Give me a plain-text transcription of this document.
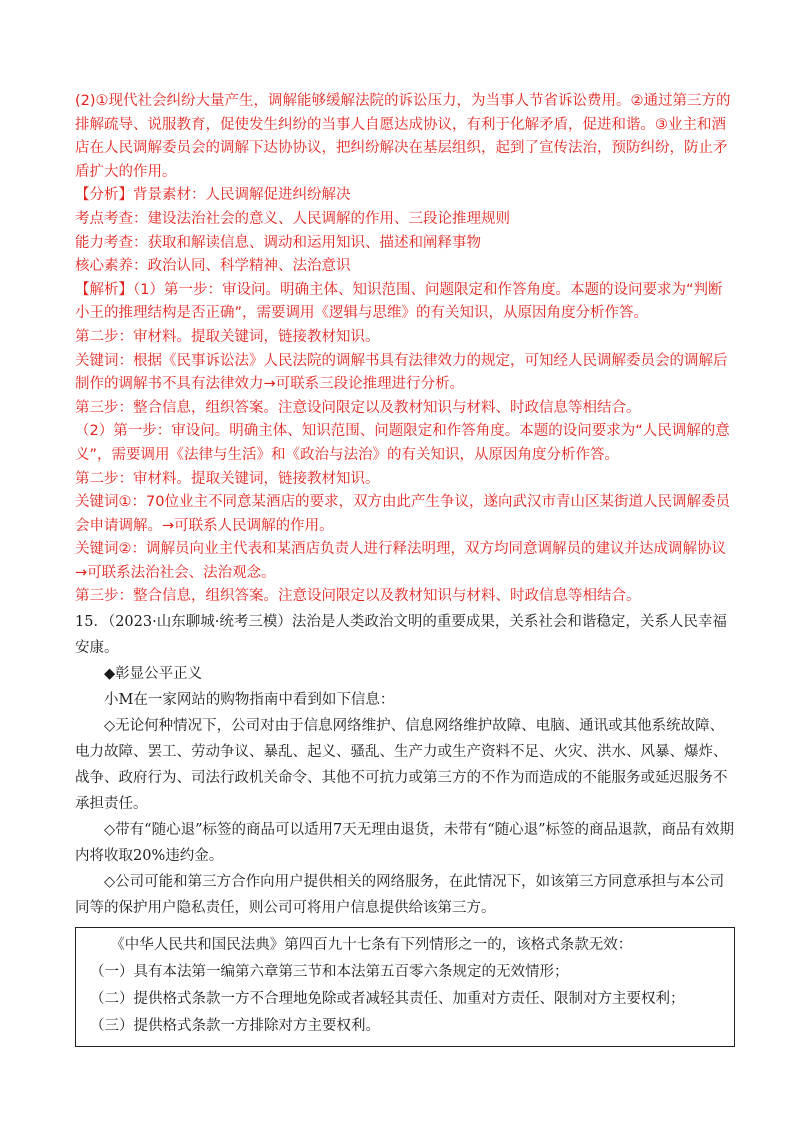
(2)①现代社会纠纷大量产生，调解能够缓解法院的诉讼压力，为当事人节省诉讼费用。②通过第三方的排解疏导、说服教育，促使发生纠纷的当事人自愿达成协议，有利于化解矛盾，促进和谐。③业主和酒店在人民调解委员会的调解下达协协议，把纠纷解决在基层组织，起到了宣传法治，预防纠纷，防止矛盾扩大的作用。

【分析】背景素材：人民调解促进纠纷解决

考点考查：建设法治社会的意义、人民调解的作用、三段论推理规则

能力考查：获取和解读信息、调动和运用知识、描述和阐释事物

核心素养：政治认同、科学精神、法治意识

【解析】（1）第一步：审设问。明确主体、知识范围、问题限定和作答角度。本题的设问要求为“判断小王的推理结构是否正确”，需要调用《逻辑与思维》的有关知识，从原因角度分析作答。

第二步：审材料。提取关键词，链接教材知识。

关键词：根据《民事诉讼法》人民法院的调解书具有法律效力的规定，可知经人民调解委员会的调解后制作的调解书不具有法律效力→可联系三段论推理进行分析。

第三步：整合信息，组织答案。注意设问限定以及教材知识与材料、时政信息等相结合。

（2）第一步：审设问。明确主体、知识范围、问题限定和作答角度。本题的设问要求为“人民调解的意义”，需要调用《法律与生活》和《政治与法治》的有关知识，从原因角度分析作答。

第二步：审材料。提取关键词，链接教材知识。

关键词①：70位业主不同意某酒店的要求，双方由此产生争议，遂向武汉市青山区某街道人民调解委员会申请调解。→可联系人民调解的作用。

关键词②：调解员向业主代表和某酒店负责人进行释法明理，双方均同意调解员的建议并达成调解协议→可联系法治社会、法治观念。

第三步：整合信息，组织答案。注意设问限定以及教材知识与材料、时政信息等相结合。

15．（2023·山东聊城·统考三模）法治是人类政治文明的重要成果，关系社会和谐稳定，关系人民幸福安康。

◆彰显公平正义

小M在一家网站的购物指南中看到如下信息：

◇无论何种情况下，公司对由于信息网络维护、信息网络维护故障、电脑、通讯或其他系统故障、电力故障、罢工、劳动争议、暴乱、起义、骚乱、生产力或生产资料不足、火灾、洪水、风暴、爆炸、战争、政府行为、司法行政机关命令、其他不可抗力或第三方的不作为而造成的不能服务或延迟服务不承担责任。

◇带有“随心退”标签的商品可以适用7天无理由退货，未带有“随心退”标签的商品退款，商品有效期内将收取20%违约金。

◇公司可能和第三方合作向用户提供相关的网络服务，在此情况下，如该第三方同意承担与本公司同等的保护用户隐私责任，则公司可将用户信息提供给该第三方。

《中华人民共和国民法典》第四百九十七条有下列情形之一的，该格式条款无效：

（一）具有本法第一编第六章第三节和本法第五百零六条规定的无效情形；

（二）提供格式条款一方不合理地免除或者减轻其责任、加重对方责任、限制对方主要权利；

（三）提供格式条款一方排除对方主要权利。
